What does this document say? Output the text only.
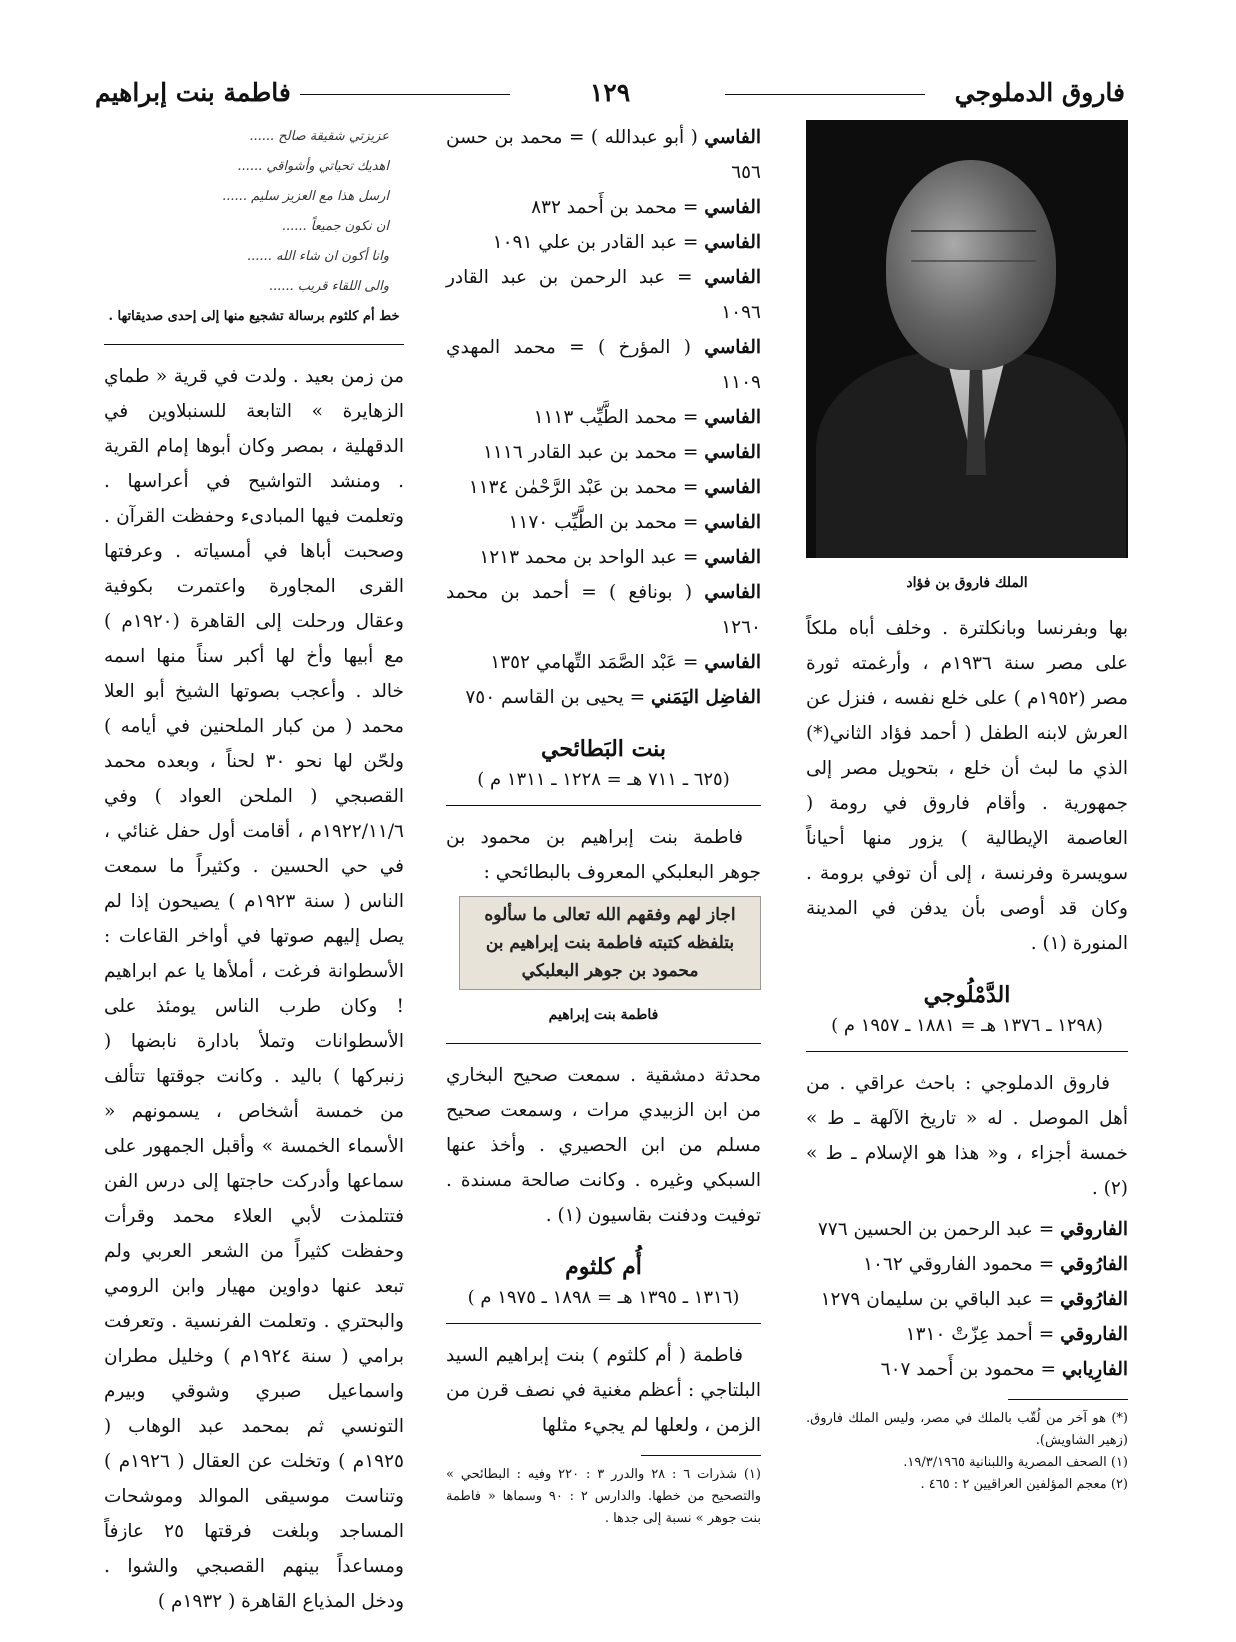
فاروق الدملوجي
١٢٩
فاطمة بنت إبراهيم
الملك فاروق بن فؤاد
بها وبفرنسا وبانكلترة . وخلف أباه ملكاً على مصر سنة ١٩٣٦م ، وأرغمته ثورة مصر (١٩٥٢م ) على خلع نفسه ، فنزل عن العرش لابنه الطفل ( أحمد فؤاد الثاني(*) الذي ما لبث أن خلع ، بتحويل مصر إلى جمهورية . وأقام فاروق في رومة ( العاصمة الإيطالية ) يزور منها أحياناً سويسرة وفرنسة ، إلى أن توفي برومة . وكان قد أوصى بأن يدفن في المدينة المنورة (١) .
الدَّمْلُوجي
(١٢٩٨ ـ ١٣٧٦ هـ = ١٨٨١ ـ ١٩٥٧ م )
فاروق الدملوجي : باحث عراقي . من أهل الموصل . له « تاريخ الآلهة ـ ط » خمسة أجزاء ، و« هذا هو الإسلام ـ ط » (٢) .
الفاروقي = عبد الرحمن بن الحسين ٧٧٦
الفارُوقي = محمود الفاروقي ١٠٦٢
الفارُوقي = عبد الباقي بن سليمان ١٢٧٩
الفاروقي = أحمد عِزّتْ ١٣١٠
الفارِيابي = محمود بن أَحمد ٦٠٧
(*) هو آخر من لُقّب بالملك في مصر، وليس الملك فاروق. (زهير الشاويش).
(١) الصحف المصرية واللبنانية ١٩/٣/١٩٦٥.
(٢) معجم المؤلفين العراقيين ٢ : ٤٦٥ .
الفاسي ( أبو عبدالله ) = محمد بن حسن ٦٥٦
الفاسي = محمد بن أَحمد ٨٣٢
الفاسي = عبد القادر بن علي ١٠٩١
الفاسي = عبد الرحمن بن عبد القادر ١٠٩٦
الفاسي ( المؤرخ ) = محمد المهدي ١١٠٩
الفاسي = محمد الطَّيِّب ١١١٣
الفاسي = محمد بن عبد القادر ١١١٦
الفاسي = محمد بن عَبْد الرَّحْمٰن ١١٣٤
الفاسي = محمد بن الطَّيِّب ١١٧٠
الفاسي = عبد الواحد بن محمد ١٢١٣
الفاسي ( بونافع ) = أحمد بن محمد ١٢٦٠
الفاسي = عَبْد الصَّمَد التِّهامي ١٣٥٢
الفاضِل اليَمَني = يحيى بن القاسم ٧٥٠
بنت البَطائحي
(٦٢٥ ـ ٧١١ هـ = ١٢٢٨ ـ ١٣١١ م )
فاطمة بنت إبراهيم بن محمود بن جوهر البعلبكي المعروف بالبطائحي :
اجاز لهم وفقهم الله تعالى ما سألوه بتلفظه كتبته فاطمة بنت إبراهيم بن محمود بن جوهر البعلبكي
فاطمة بنت إبراهيم
محدثة دمشقية . سمعت صحيح البخاري من ابن الزبيدي مرات ، وسمعت صحيح مسلم من ابن الحصيري . وأخذ عنها السبكي وغيره . وكانت صالحة مسندة . توفيت ودفنت بقاسيون (١) .
أُم كلثوم
(١٣١٦ ـ ١٣٩٥ هـ = ١٨٩٨ ـ ١٩٧٥ م )
فاطمة ( أم كلثوم ) بنت إبراهيم السيد البلتاجي : أعظم مغنية في نصف قرن من الزمن ، ولعلها لم يجيء مثلها
(١) شذرات ٦ : ٢٨ والدرر ٣ : ٢٢٠ وفيه : البطائحي » والتصحيح من خطها. والدارس ٢ : ٩٠ وسماها « فاطمة بنت جوهر » نسبة إلى جدها .
عزيزتي شقيقة صالح ......
اهديك تحياتي وأشواقي ......
ارسل هذا مع العزيز سليم ......
ان نكون جميعاً ......
وانا أكون ان شاء الله ......
والى اللقاء قريب ......
خط أم كلثوم برسالة تشجيع منها إلى إحدى صديقاتها .
من زمن بعيد . ولدت في قرية « طماي الزهايرة » التابعة للسنبلاوين في الدقهلية ، بمصر وكان أبوها إمام القرية . ومنشد التواشيح في أعراسها . وتعلمت فيها المبادىء وحفظت القرآن . وصحبت أباها في أمسياته . وعرفتها القرى المجاورة واعتمرت بكوفية وعقال ورحلت إلى القاهرة (١٩٢٠م ) مع أبيها وأخ لها أكبر سناً منها اسمه خالد . وأعجب بصوتها الشيخ أبو العلا محمد ( من كبار الملحنين في أيامه ) ولحّن لها نحو ٣٠ لحناً ، وبعده محمد القصبجي ( الملحن العواد ) وفي ١٩٢٢/١١/٦م ، أقامت أول حفل غنائي ، في حي الحسين . وكثيراً ما سمعت الناس ( سنة ١٩٢٣م ) يصيحون إذا لم يصل إليهم صوتها في أواخر القاعات : الأسطوانة فرغت ، أملأها يا عم ابراهيم ! وكان طرب الناس يومئذ على الأسطوانات وتملأ بادارة نابضها ( زنبركها ) باليد . وكانت جوقتها تتألف من خمسة أشخاص ، يسمونهم « الأسماء الخمسة » وأقبل الجمهور على سماعها وأدركت حاجتها إلى درس الفن فتتلمذت لأبي العلاء محمد وقرأت وحفظت كثيراً من الشعر العربي ولم تبعد عنها دواوين مهيار وابن الرومي والبحتري . وتعلمت الفرنسية . وتعرفت برامي ( سنة ١٩٢٤م ) وخليل مطران واسماعيل صبري وشوقي وبيرم التونسي ثم بمحمد عبد الوهاب ( ١٩٢٥م ) وتخلت عن العقال ( ١٩٢٦م ) وتناست موسيقى الموالد وموشحات المساجد وبلغت فرقتها ٢٥ عازفاً ومساعداً بينهم القصبجي والشوا . ودخل المذياع القاهرة ( ١٩٣٢م )
